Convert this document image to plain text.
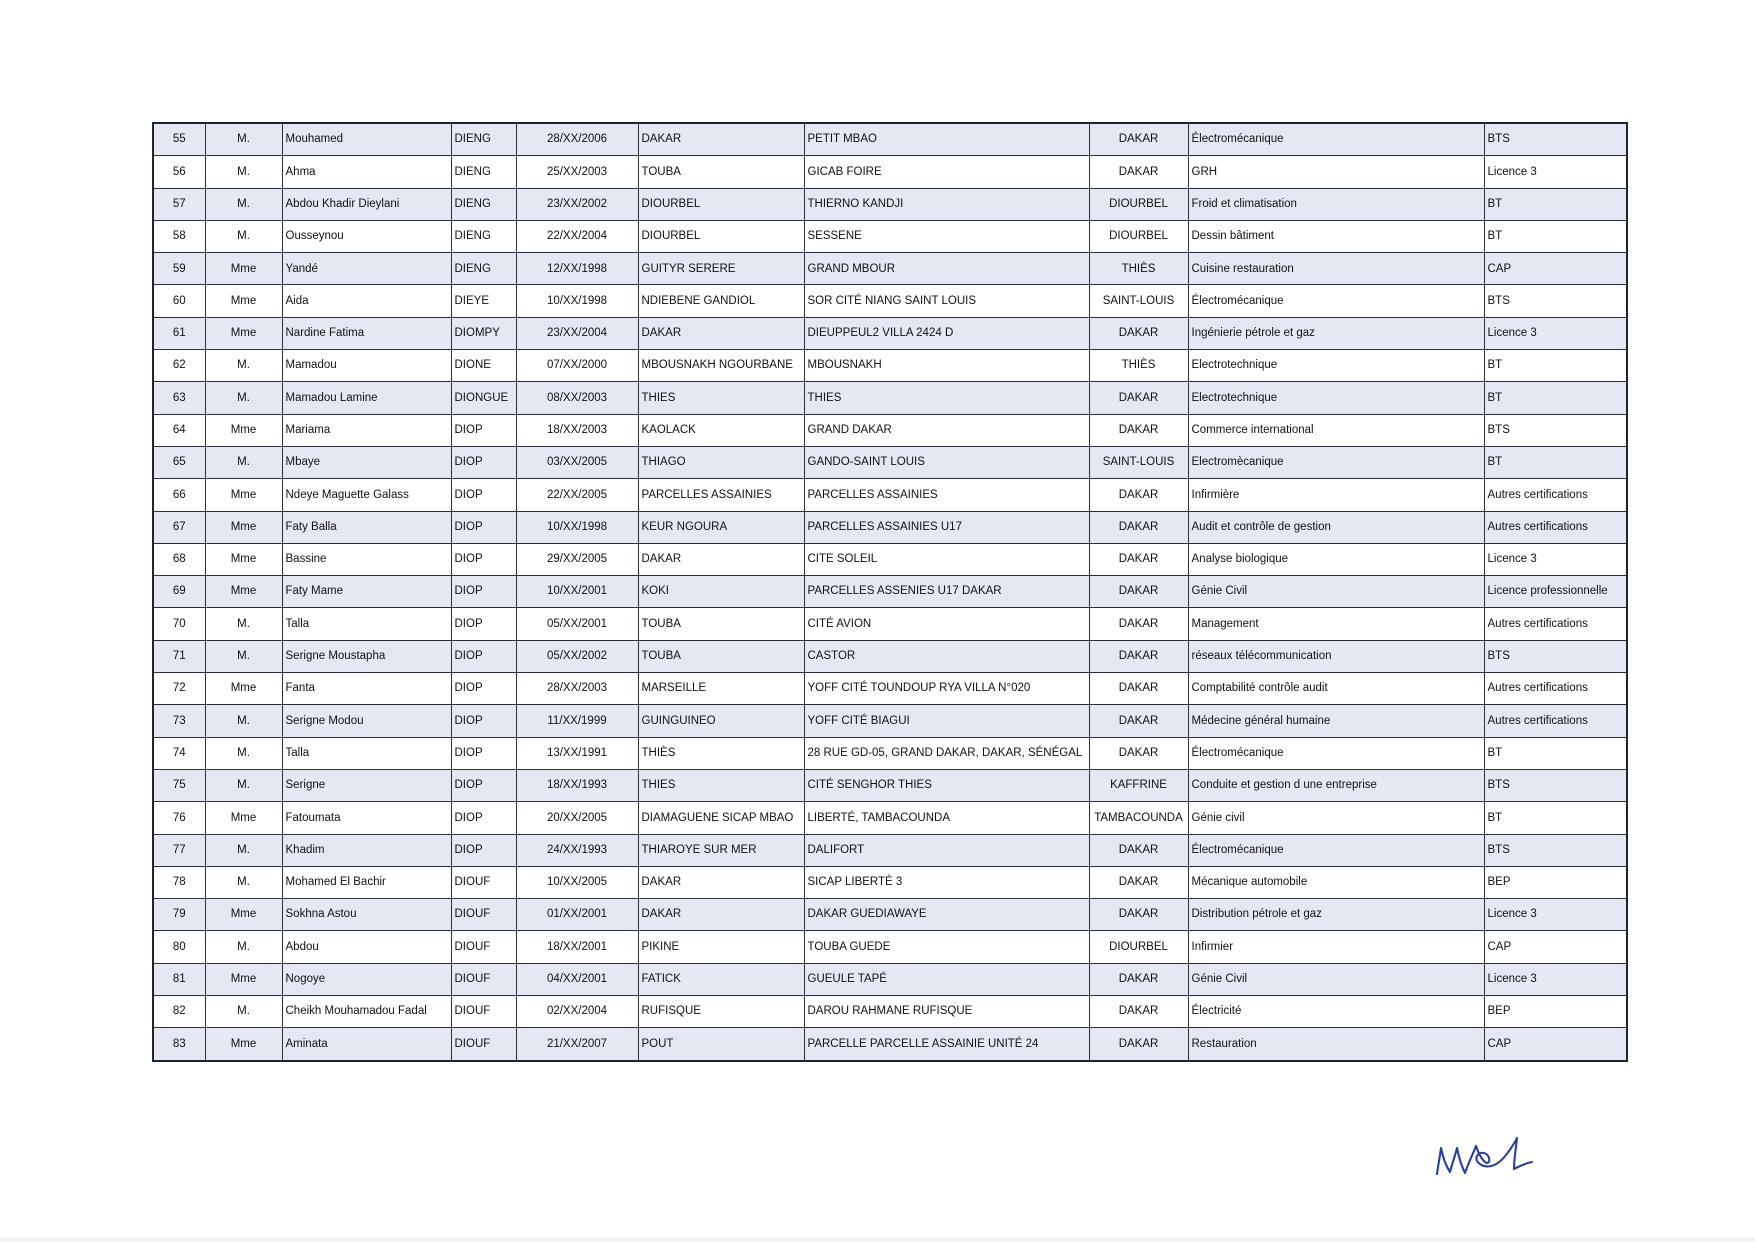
55	M.	Mouhamed	DIENG	28/XX/2006	DAKAR	PETIT MBAO	DAKAR	Électromécanique	BTS
56	M.	Ahma	DIENG	25/XX/2003	TOUBA	GICAB FOIRE	DAKAR	GRH	Licence 3
57	M.	Abdou Khadir Dieylani	DIENG	23/XX/2002	DIOURBEL	THIERNO KANDJI	DIOURBEL	Froid et climatisation	BT
58	M.	Ousseynou	DIENG	22/XX/2004	DIOURBEL	SESSENE	DIOURBEL	Dessin bâtiment	BT
59	Mme	Yandé	DIENG	12/XX/1998	GUITYR SERERE	GRAND MBOUR	THIÈS	Cuisine restauration	CAP
60	Mme	Aida	DIEYE	10/XX/1998	NDIEBENE GANDIOL	SOR CITÉ NIANG SAINT LOUIS	SAINT-LOUIS	Électromécanique	BTS
61	Mme	Nardine Fatima	DIOMPY	23/XX/2004	DAKAR	DIEUPPEUL2 VILLA 2424 D	DAKAR	Ingénierie pétrole et gaz	Licence 3
62	M.	Mamadou	DIONE	07/XX/2000	MBOUSNAKH NGOURBANE	MBOUSNAKH	THIÈS	Electrotechnique	BT
63	M.	Mamadou Lamine	DIONGUE	08/XX/2003	THIES	THIES	DAKAR	Electrotechnique	BT
64	Mme	Mariama	DIOP	18/XX/2003	KAOLACK	GRAND DAKAR	DAKAR	Commerce international	BTS
65	M.	Mbaye	DIOP	03/XX/2005	THIAGO	GANDO-SAINT LOUIS	SAINT-LOUIS	Electromècanique	BT
66	Mme	Ndeye Maguette Galass	DIOP	22/XX/2005	PARCELLES ASSAINIES	PARCELLES ASSAINIES	DAKAR	Infirmière	Autres certifications
67	Mme	Faty Balla	DIOP	10/XX/1998	KEUR NGOURA	PARCELLES ASSAINIES U17	DAKAR	Audit et contrôle de gestion	Autres certifications
68	Mme	Bassine	DIOP	29/XX/2005	DAKAR	CITE SOLEIL	DAKAR	Analyse biologique	Licence 3
69	Mme	Faty Mame	DIOP	10/XX/2001	KOKI	PARCELLES ASSENIES U17 DAKAR	DAKAR	Génie Civil	Licence professionnelle
70	M.	Talla	DIOP	05/XX/2001	TOUBA	CITÉ AVION	DAKAR	Management	Autres certifications
71	M.	Serigne Moustapha	DIOP	05/XX/2002	TOUBA	CASTOR	DAKAR	réseaux télécommunication	BTS
72	Mme	Fanta	DIOP	28/XX/2003	MARSEILLE	YOFF CITÉ TOUNDOUP RYA VILLA N°020	DAKAR	Comptabilité contrôle audit	Autres certifications
73	M.	Serigne Modou	DIOP	11/XX/1999	GUINGUINEO	YOFF CITÉ BIAGUI	DAKAR	Médecine général humaine	Autres certifications
74	M.	Talla	DIOP	13/XX/1991	THIÈS	28 RUE GD-05, GRAND DAKAR, DAKAR, SÉNÉGAL	DAKAR	Électromécanique	BT
75	M.	Serigne	DIOP	18/XX/1993	THIES	CITÉ SENGHOR THIES	KAFFRINE	Conduite et gestion d une entreprise	BTS
76	Mme	Fatoumata	DIOP	20/XX/2005	DIAMAGUENE SICAP MBAO	LIBERTÉ, TAMBACOUNDA	TAMBACOUNDA	Génie civil	BT
77	M.	Khadim	DIOP	24/XX/1993	THIAROYE SUR MER	DALIFORT	DAKAR	Électromécanique	BTS
78	M.	Mohamed El Bachir	DIOUF	10/XX/2005	DAKAR	SICAP LIBERTÉ 3	DAKAR	Mécanique automobile	BEP
79	Mme	Sokhna Astou	DIOUF	01/XX/2001	DAKAR	DAKAR GUEDIAWAYE	DAKAR	Distribution pétrole et gaz	Licence 3
80	M.	Abdou	DIOUF	18/XX/2001	PIKINE	TOUBA GUEDE	DIOURBEL	Infirmier	CAP
81	Mme	Nogoye	DIOUF	04/XX/2001	FATICK	GUEULE TAPÉ	DAKAR	Génie Civil	Licence 3
82	M.	Cheikh Mouhamadou Fadal	DIOUF	02/XX/2004	RUFISQUE	DAROU RAHMANE RUFISQUE	DAKAR	Électricité	BEP
83	Mme	Aminata	DIOUF	21/XX/2007	POUT	PARCELLE PARCELLE ASSAINIE UNITÉ 24	DAKAR	Restauration	CAP
